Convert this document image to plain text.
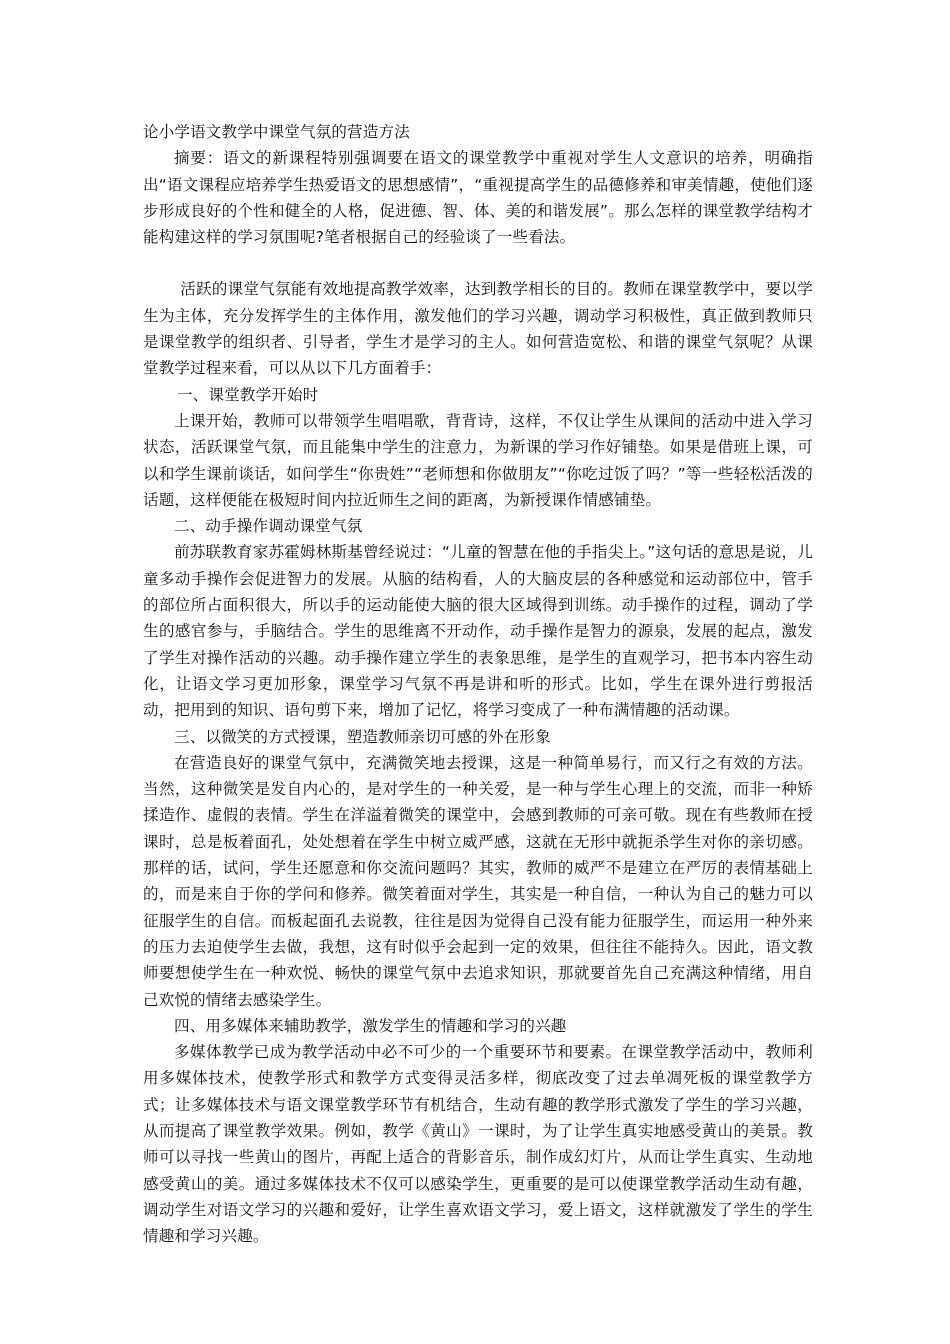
论小学语文教学中课堂气氛的营造方法

摘要：语文的新课程特别强调要在语文的课堂教学中重视对学生人文意识的培养，明确指出“语文课程应培养学生热爱语文的思想感情”，“重视提高学生的品德修养和审美情趣，使他们逐步形成良好的个性和健全的人格，促进德、智、体、美的和谐发展”。那么怎样的课堂教学结构才能构建这样的学习氛围呢?笔者根据自己的经验谈了一些看法。

活跃的课堂气氛能有效地提高教学效率，达到教学相长的目的。教师在课堂教学中，要以学生为主体，充分发挥学生的主体作用，激发他们的学习兴趣，调动学习积极性，真正做到教师只是课堂教学的组织者、引导者，学生才是学习的主人。如何营造宽松、和谐的课堂气氛呢？从课堂教学过程来看，可以从以下几方面着手：

一、课堂教学开始时

上课开始，教师可以带领学生唱唱歌，背背诗，这样，不仅让学生从课间的活动中进入学习状态，活跃课堂气氛，而且能集中学生的注意力，为新课的学习作好铺垫。如果是借班上课，可以和学生课前谈话，如问学生“你贵姓”“老师想和你做朋友”“你吃过饭了吗？”等一些轻松活泼的话题，这样便能在极短时间内拉近师生之间的距离，为新授课作情感铺垫。

二、动手操作调动课堂气氛

前苏联教育家苏霍姆林斯基曾经说过：“儿童的智慧在他的手指尖上。”这句话的意思是说，儿童多动手操作会促进智力的发展。从脑的结构看，人的大脑皮层的各种感觉和运动部位中，管手的部位所占面积很大，所以手的运动能使大脑的很大区域得到训练。动手操作的过程，调动了学生的感官参与，手脑结合。学生的思维离不开动作，动手操作是智力的源泉，发展的起点，激发了学生对操作活动的兴趣。动手操作建立学生的表象思维，是学生的直观学习，把书本内容生动化，让语文学习更加形象，课堂学习气氛不再是讲和听的形式。比如，学生在课外进行剪报活动，把用到的知识、语句剪下来，增加了记忆，将学习变成了一种布满情趣的活动课。

三、以微笑的方式授课，塑造教师亲切可感的外在形象

在营造良好的课堂气氛中，充满微笑地去授课，这是一种简单易行，而又行之有效的方法。当然，这种微笑是发自内心的，是对学生的一种关爱，是一种与学生心理上的交流，而非一种矫揉造作、虚假的表情。学生在洋溢着微笑的课堂中，会感到教师的可亲可敬。现在有些教师在授课时，总是板着面孔，处处想着在学生中树立威严感，这就在无形中就扼杀学生对你的亲切感。那样的话，试问，学生还愿意和你交流问题吗？其实，教师的威严不是建立在严厉的表情基础上的，而是来自于你的学问和修养。微笑着面对学生，其实是一种自信，一种认为自己的魅力可以征服学生的自信。而板起面孔去说教，往往是因为觉得自己没有能力征服学生，而运用一种外来的压力去迫使学生去做，我想，这有时似乎会起到一定的效果，但往往不能持久。因此，语文教师要想使学生在一种欢悦、畅快的课堂气氛中去追求知识，那就要首先自己充满这种情绪，用自己欢悦的情绪去感染学生。

四、用多媒体来辅助教学，激发学生的情趣和学习的兴趣

多媒体教学已成为教学活动中必不可少的一个重要环节和要素。在课堂教学活动中，教师利用多媒体技术，使教学形式和教学方式变得灵活多样，彻底改变了过去单凋死板的课堂教学方式；让多媒体技术与语文课堂教学环节有机结合，生动有趣的教学形式激发了学生的学习兴趣，从而提高了课堂教学效果。例如，教学《黄山》一课时，为了让学生真实地感受黄山的美景。教师可以寻找一些黄山的图片，再配上适合的背影音乐，制作成幻灯片，从而让学生真实、生动地感受黄山的美。通过多媒体技术不仅可以感染学生，更重要的是可以使课堂教学活动生动有趣，调动学生对语文学习的兴趣和爱好，让学生喜欢语文学习，爱上语文，这样就激发了学生的学生情趣和学习兴趣。
